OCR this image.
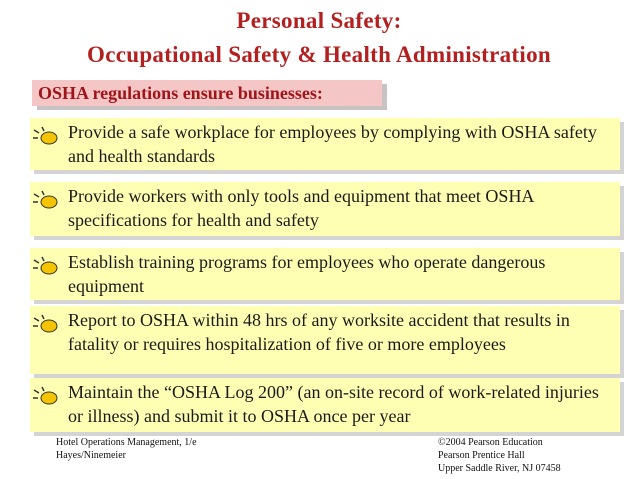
Personal Safety:
Occupational Safety & Health Administration
OSHA regulations ensure businesses:
Provide a safe workplace for employees by complying with OSHA safety and health standards
Provide workers with only tools and equipment that meet OSHA specifications for health and safety
Establish training programs for employees who operate dangerous equipment
Report to OSHA within 48 hrs of any worksite accident that results in fatality or requires hospitalization of five or more employees
Maintain the “OSHA Log 200” (an on-site record of work-related injuries or illness) and submit it to OSHA once per year
Hotel Operations Management, 1/e
Hayes/Ninemeier
©2004 Pearson Education
Pearson Prentice Hall
Upper Saddle River, NJ 07458
